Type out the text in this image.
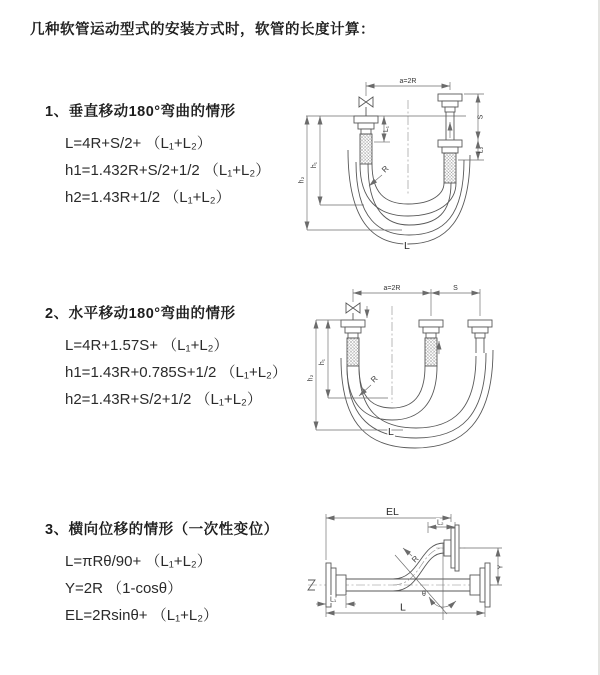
几种软管运动型式的安装方式时，软管的长度计算：
1、垂直移动180°弯曲的情形

L=4R+S/2+ （L₁+L₂）

h1=1.432R+S/2+1/2 （L₁+L₂）

h2=1.43R+1/2 （L₁+L₂）

2、水平移动180°弯曲的情形

L=4R+1.57S+ （L₁+L₂）

h1=1.43R+0.785S+1/2 （L₁+L₂）

h2=1.43R+S/2+1/2 （L₁+L₂）

3、横向位移的情形（一次性变位）

L=πRθ/90+ （L₁+L₂）

Y=2R （1-cosθ）

EL=2Rsinθ+ （L₁+L₂）

a=2R
h₁
h₂
L₁
S
L₂
R
L
a=2R	S
h₁
h₂	R
L
EL
L₂
Y
θ
R
L
L₁
